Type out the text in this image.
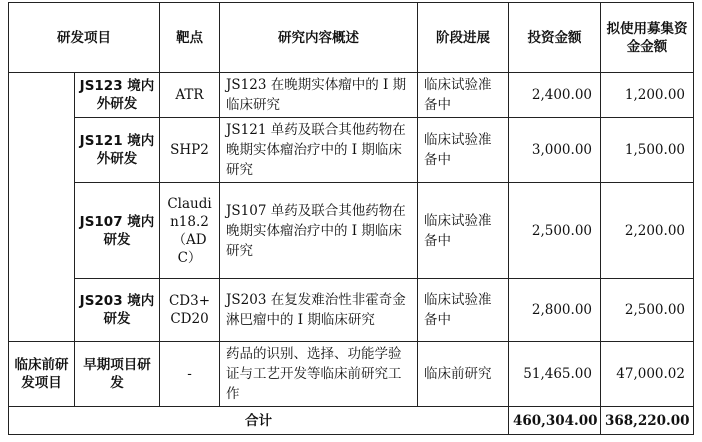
研发项目		靶点	研究内容概述	阶段进展	投资金额	拟使用募集资金金额
	JS123 境内外研发	ATR	JS123 在晚期实体瘤中的 I 期临床研究	临床试验准备中	2,400.00	1,200.00
	JS121 境内外研发	SHP2	JS121 单药及联合其他药物在晚期实体瘤治疗中的 I 期临床研究	临床试验准备中	3,000.00	1,500.00
	JS107 境内研发	Claudin18.2（ADC）	JS107 单药及联合其他药物在晚期实体瘤治疗中的 I 期临床研究	临床试验准备中	2,500.00	2,200.00
	JS203 境内研发	CD3+CD20	JS203 在复发难治性非霍奇金淋巴瘤中的 I 期临床研究	临床试验准备中	2,800.00	2,500.00
临床前研发项目	早期项目研发	-	药品的识别、选择、功能学验证与工艺开发等临床前研究工作	临床前研究	51,465.00	47,000.02
合计					460,304.00	368,220.00
